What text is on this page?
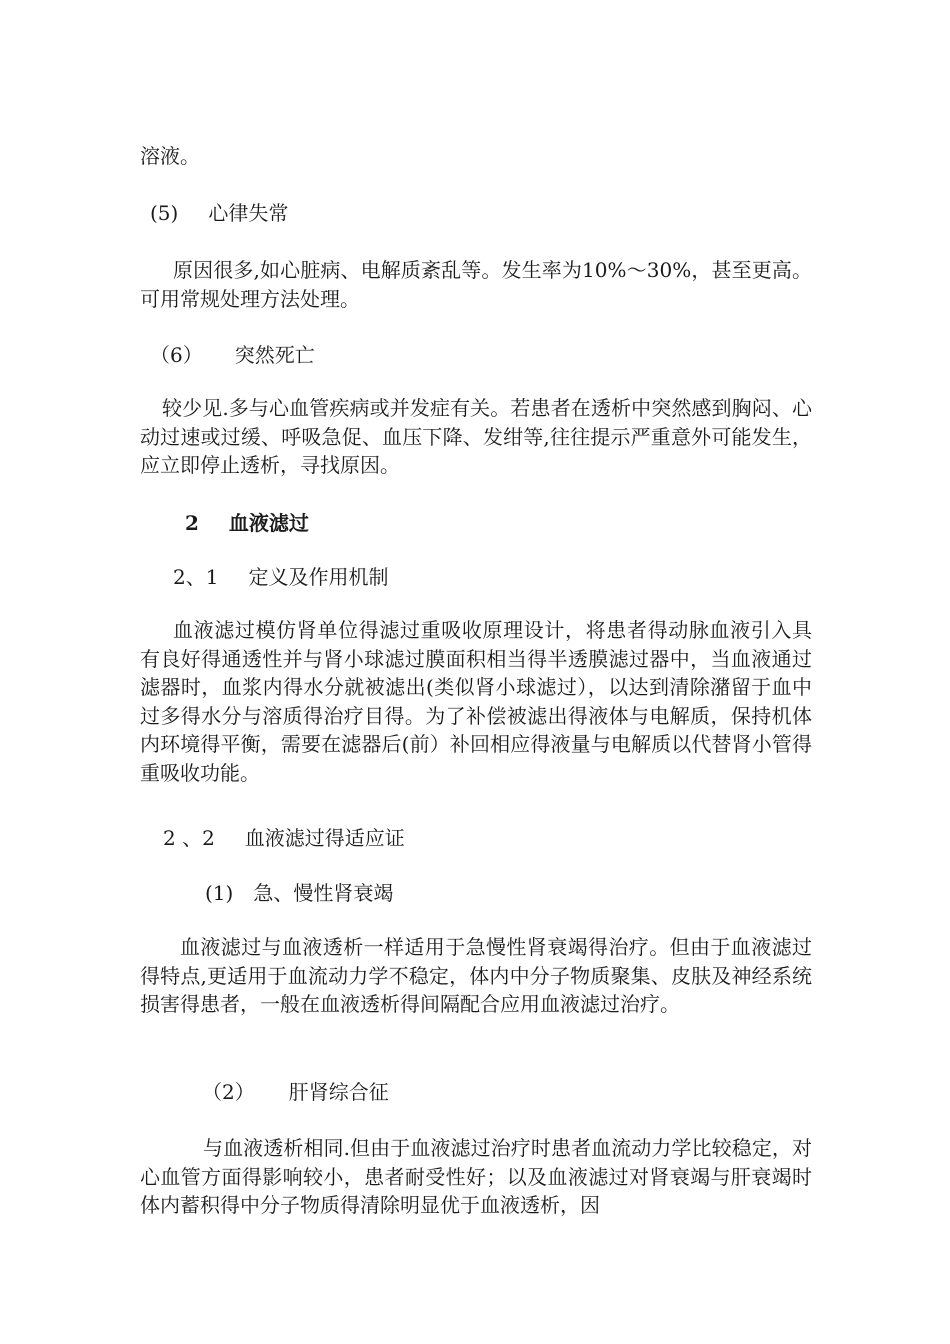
溶液。
(5) 心律失常
原因很多,如心脏病、电解质紊乱等。发生率为10%～30%，甚至更高。可用常规处理方法处理。
（6） 突然死亡
较少见.多与心血管疾病或并发症有关。若患者在透析中突然感到胸闷、心动过速或过缓、呼吸急促、血压下降、发绀等,往往提示严重意外可能发生，应立即停止透析，寻找原因。
2 血液滤过
2、1 定义及作用机制
血液滤过模仿肾单位得滤过重吸收原理设计，将患者得动脉血液引入具有良好得通透性并与肾小球滤过膜面积相当得半透膜滤过器中，当血液通过滤器时，血浆内得水分就被滤出(类似肾小球滤过），以达到清除潴留于血中过多得水分与溶质得治疗目得。为了补偿被滤出得液体与电解质，保持机体内环境得平衡，需要在滤器后(前）补回相应得液量与电解质以代替肾小管得重吸收功能。
2 、2 血液滤过得适应证
(1) 急、慢性肾衰竭
血液滤过与血液透析一样适用于急慢性肾衰竭得治疗。但由于血液滤过得特点,更适用于血流动力学不稳定，体内中分子物质聚集、皮肤及神经系统损害得患者，一般在血液透析得间隔配合应用血液滤过治疗。
（2） 肝肾综合征
与血液透析相同.但由于血液滤过治疗时患者血流动力学比较稳定，对心血管方面得影响较小，患者耐受性好；以及血液滤过对肾衰竭与肝衰竭时体内蓄积得中分子物质得清除明显优于血液透析，因
